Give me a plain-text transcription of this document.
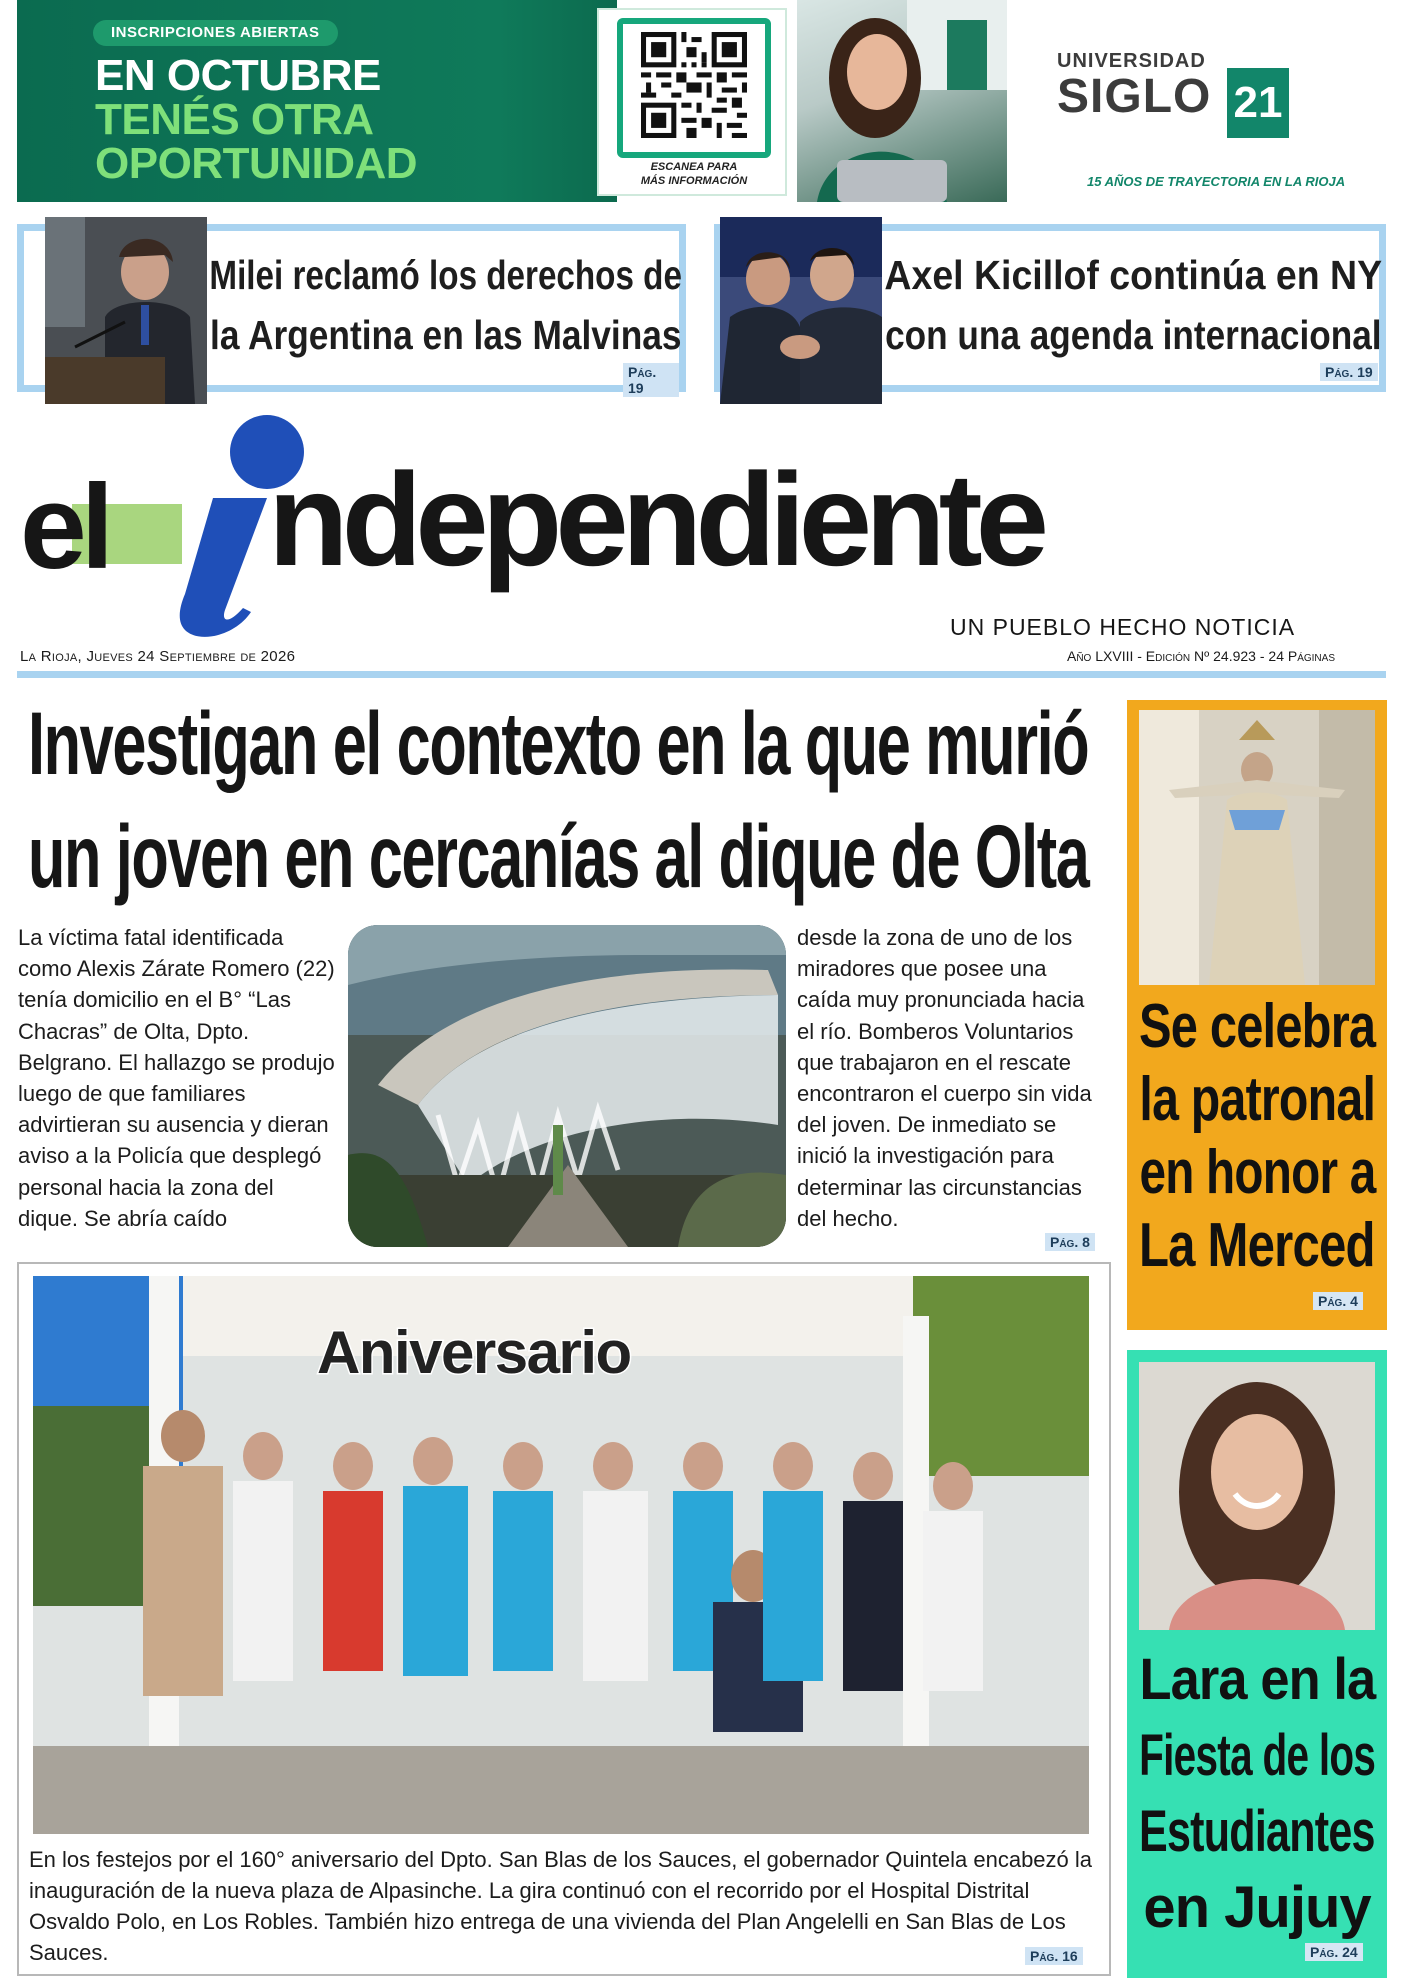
INSCRIPCIONES ABIERTAS
EN OCTUBRE
TENÉS OTRA
OPORTUNIDAD	ESCANEA PARA
MÁS INFORMACIÓN
UNIVERSIDAD
SIGLO 21
15 AÑOS DE TRAYECTORIA EN LA RIOJA
Milei reclamó los derechos de
la Argentina en las Malvinas
Pág. 19
Axel Kicillof continúa en NY
con una agenda internacional
Pág. 19
el ndependiente
UN PUEBLO HECHO NOTICIA
La Rioja, Jueves 24 Septiembre de 2026	Año LXVIII - Edición Nº 24.923 - 24 Páginas
Investigan el contexto en la que murió
un joven en cercanías al dique de Olta
La víctima fatal identificada como Alexis Zárate Romero (22) tenía domicilio en el B° “Las Chacras” de Olta, Dpto. Belgrano. El hallazgo se produjo luego de que familiares advirtieran su ausencia y dieran aviso a la Policía que desplegó personal hacia la zona del dique. Se abría caído
desde la zona de uno de los miradores que posee una caída muy pronunciada hacia el río. Bomberos Voluntarios que trabajaron en el rescate encontraron el cuerpo sin vida del joven. De inmediato se inició la investigación para determinar las circunstancias del hecho.
Pág. 8
Aniversario
En los festejos por el 160° aniversario del Dpto. San Blas de los Sauces, el gobernador Quintela encabezó la inauguración de la nueva plaza de Alpasinche. La gira continuó con el recorrido por el Hospital Distrital Osvaldo Polo, en Los Robles. También hizo entrega de una vivienda del Plan Angelelli en San Blas de Los Sauces.	Pág. 16
Se celebra
la patronal
en honor a
La Merced
Pág. 4
Lara en la
Fiesta de los
Estudiantes
en Jujuy
Pág. 24
